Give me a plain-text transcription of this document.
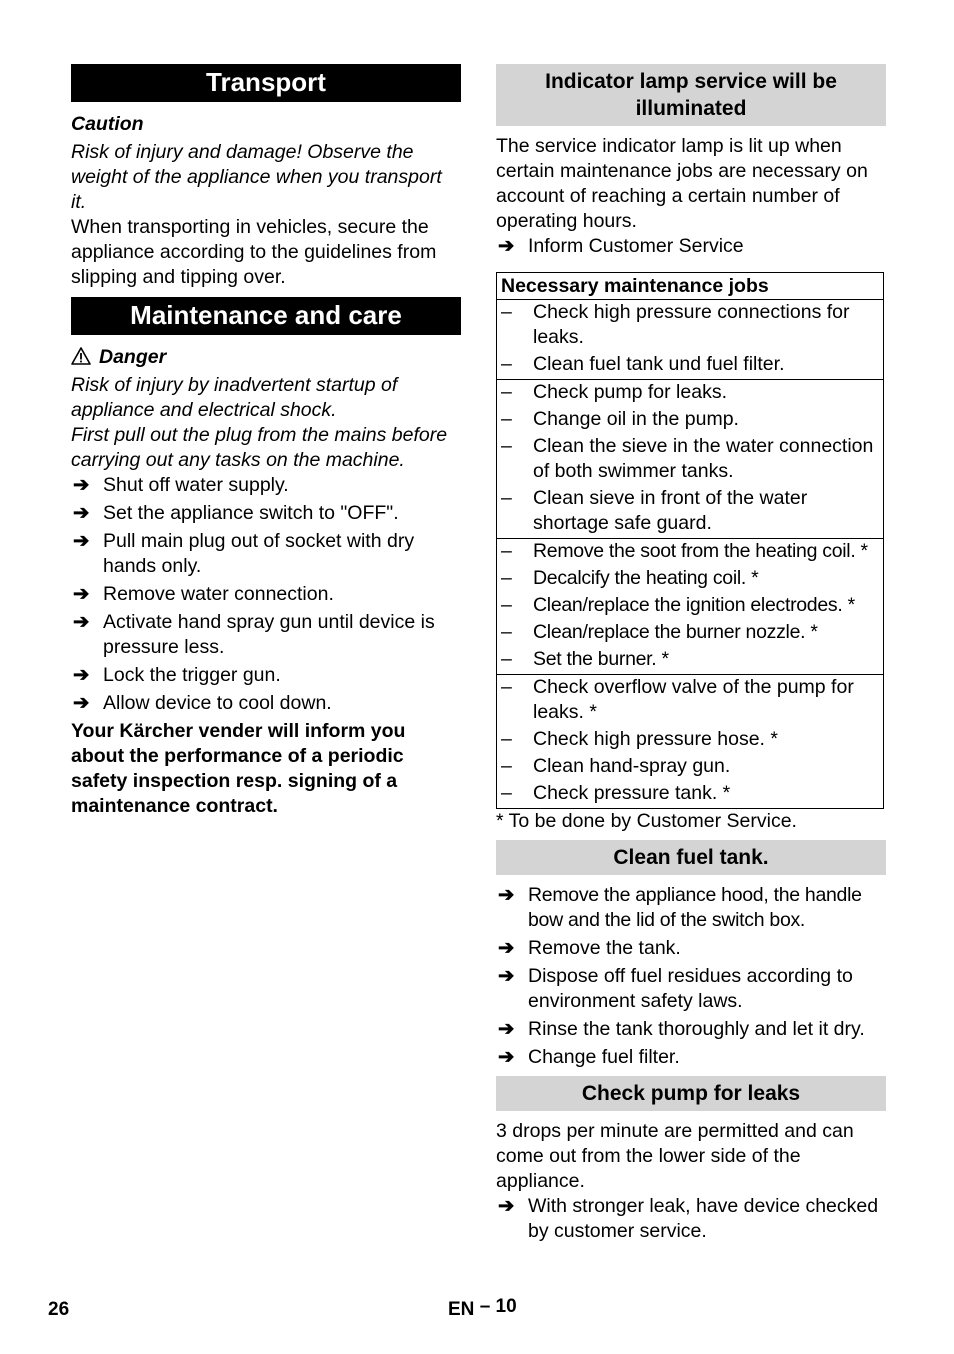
Transport

Caution

Risk of injury and damage! Observe the weight of the appliance when you transport it.

When transporting in vehicles, secure the appliance according to the guidelines from slipping and tipping over.

Maintenance and care

Danger

Risk of injury by inadvertent startup of appliance and electrical shock.

First pull out the plug from the mains before carrying out any tasks on the machine.

➔ Shut off water supply.
➔ Set the appliance switch to "OFF".
➔ Pull main plug out of socket with dry hands only.
➔ Remove water connection.
➔ Activate hand spray gun until device is pressure less.
➔ Lock the trigger gun.
➔ Allow device to cool down.

Your Kärcher vender will inform you about the performance of a periodic safety inspection resp. signing of a maintenance contract.

Indicator lamp service will be illuminated

The service indicator lamp is lit up when certain maintenance jobs are necessary on account of reaching a certain number of operating hours.

➔ Inform Customer Service
Necessary maintenance jobs

– Check high pressure connections for leaks.
– Clean fuel tank und fuel filter.

– Check pump for leaks.
– Change oil in the pump.
– Clean the sieve in the water connection of both swimmer tanks.
– Clean sieve in front of the water shortage safe guard.

– Remove the soot from the heating coil. *
– Decalcify the heating coil. *
– Clean/replace the ignition electrodes. *
– Clean/replace the burner nozzle. *
– Set the burner. *

– Check overflow valve of the pump for leaks. *
– Check high pressure hose. *
– Clean hand-spray gun.
– Check pressure tank. *

* To be done by Customer Service.

Clean fuel tank.
➔ Remove the appliance hood, the handle bow and the lid of the switch box.
➔ Remove the tank.
➔ Dispose off fuel residues according to environment safety laws.
➔ Rinse the tank thoroughly and let it dry.
➔ Change fuel filter.
Check pump for leaks

3 drops per minute are permitted and can come out from the lower side of the appliance.

➔ With stronger leak, have device checked by customer service.
26	EN – 10
